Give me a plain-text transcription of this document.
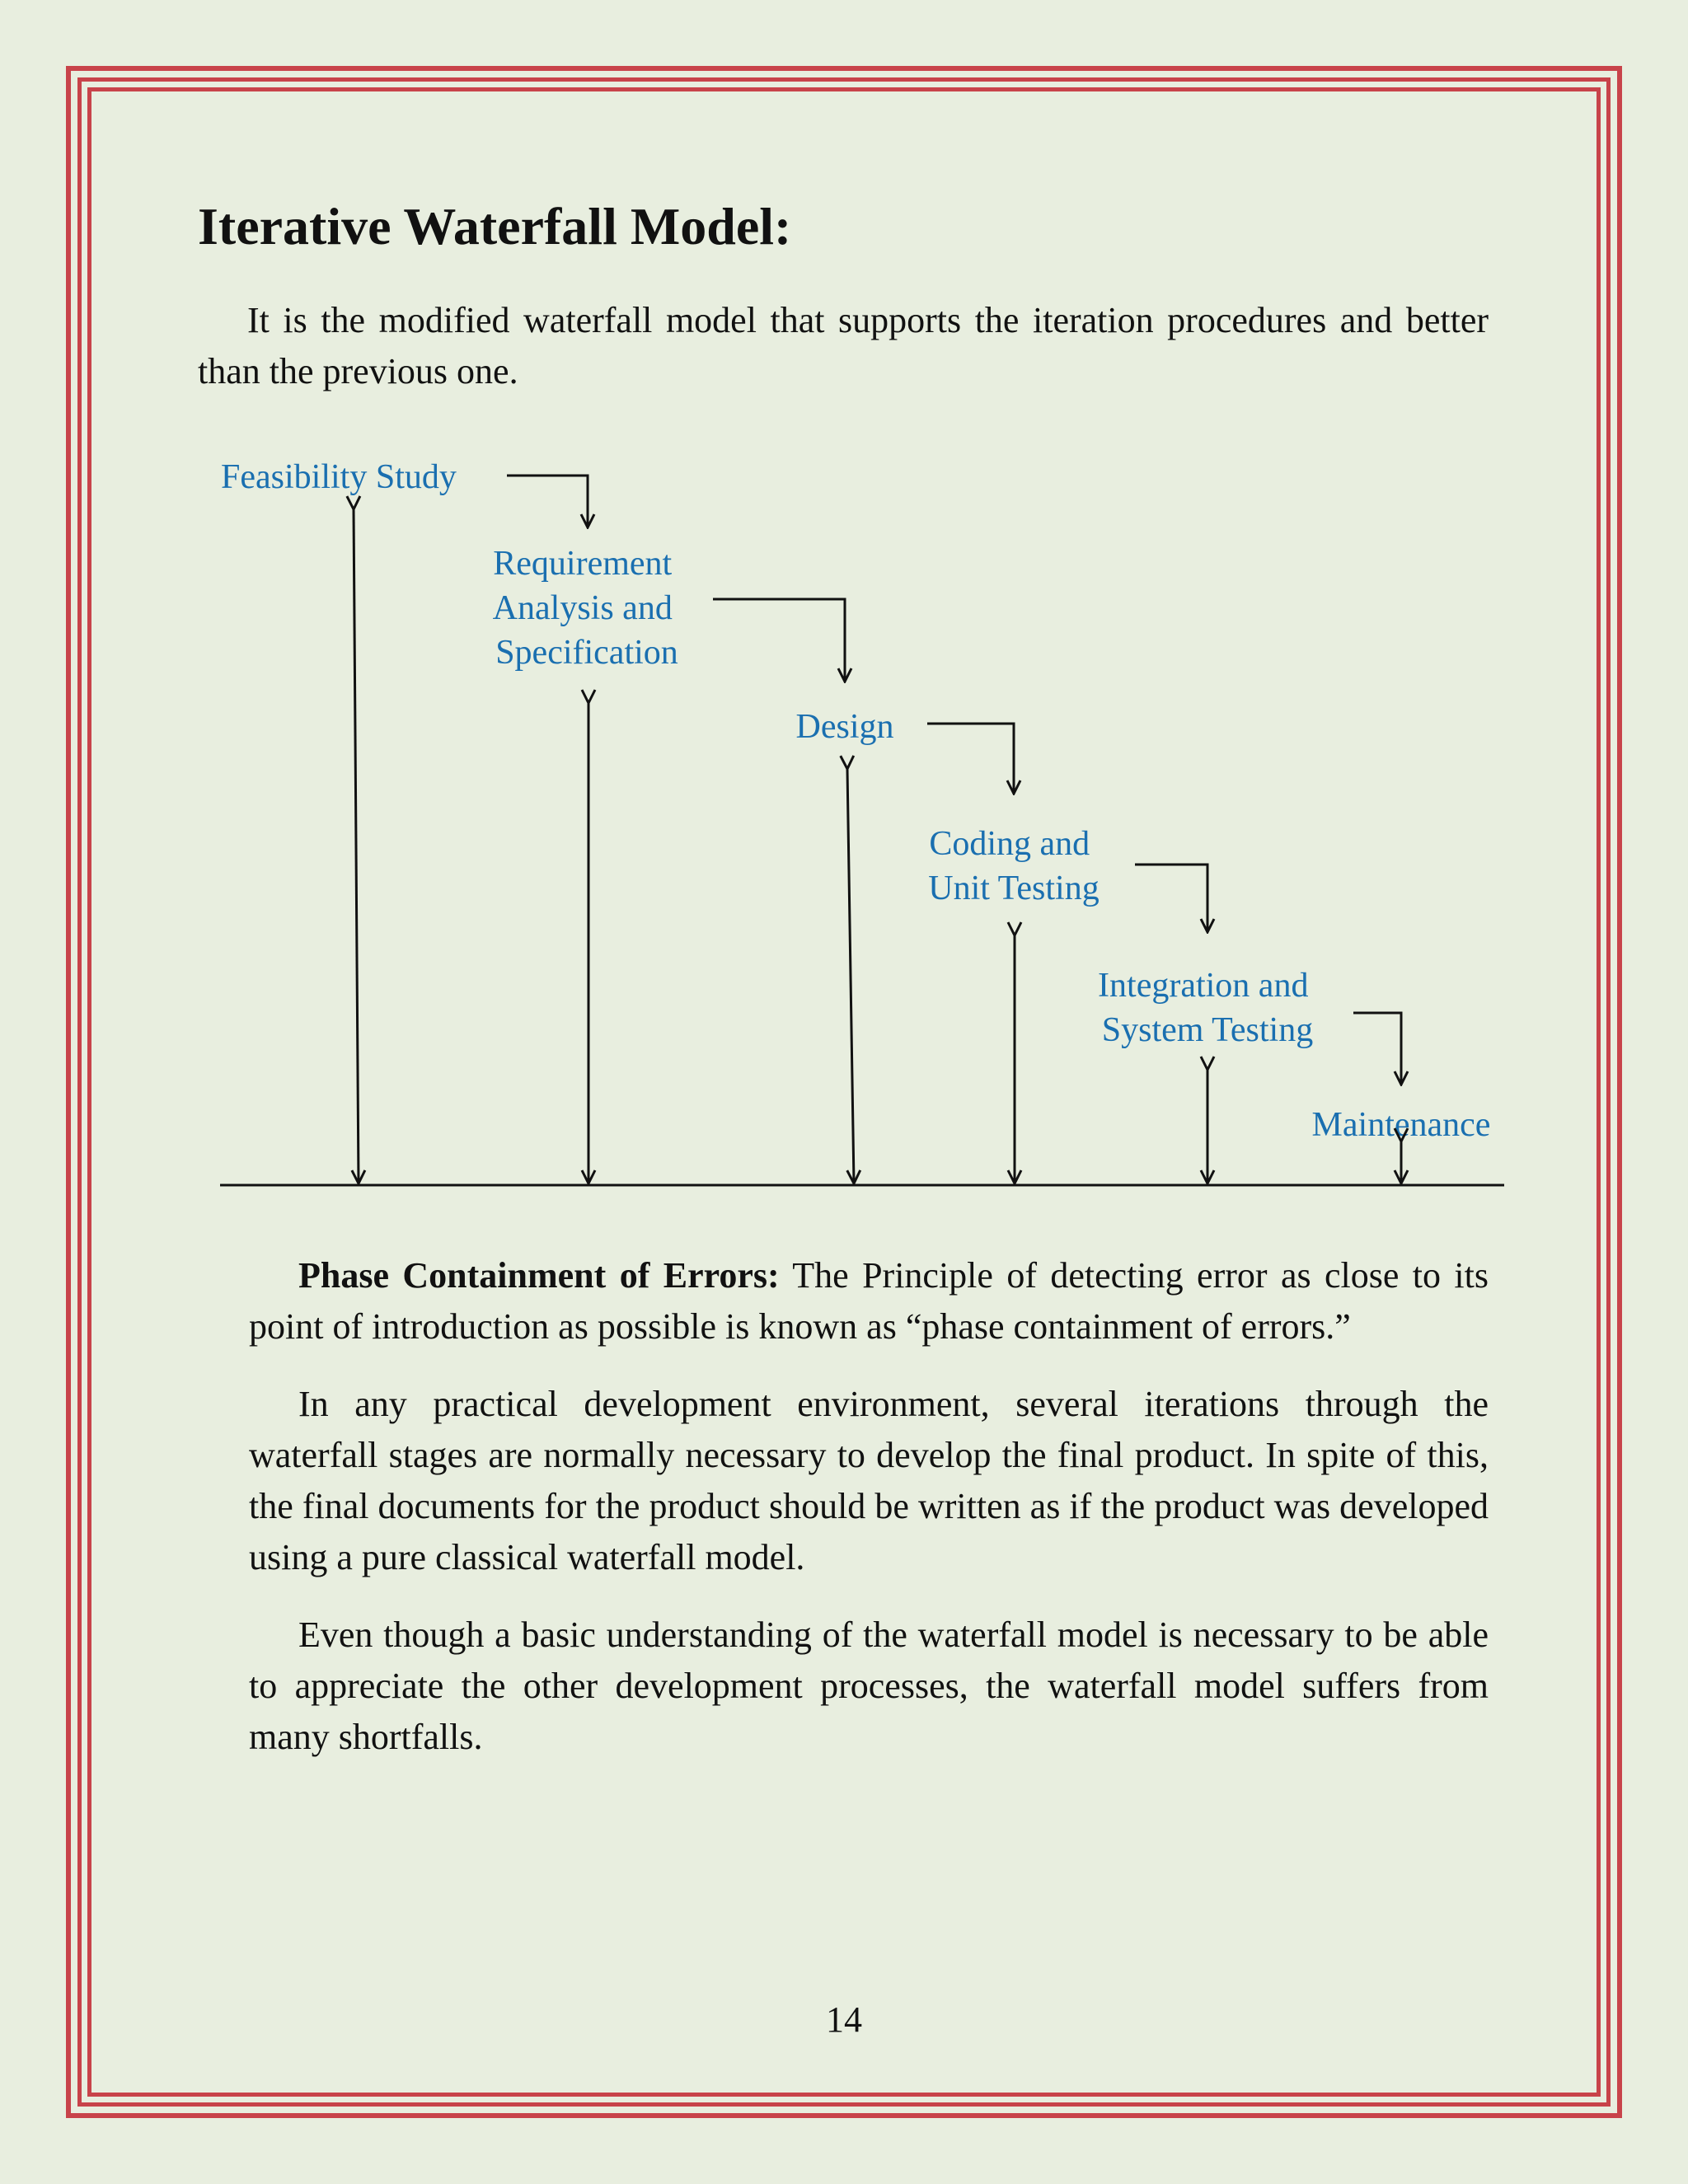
Iterative Waterfall Model:

It is the modified waterfall model that supports the iteration procedures and better than the previous one.

Feasibility Study
Requirement Analysis and Specification
Design
Coding and Unit Testing
Integration and System Testing
Maintenance

Phase Containment of Errors: The Principle of detecting error as close to its point of introduction as possible is known as “phase containment of errors.”

In any practical development environment, several iterations through the waterfall stages are normally necessary to develop the final product. In spite of this, the final documents for the product should be written as if the product was developed using a pure classical waterfall model.

Even though a basic understanding of the waterfall model is necessary to be able to appreciate the other development processes, the waterfall model suffers from many shortfalls.

14
